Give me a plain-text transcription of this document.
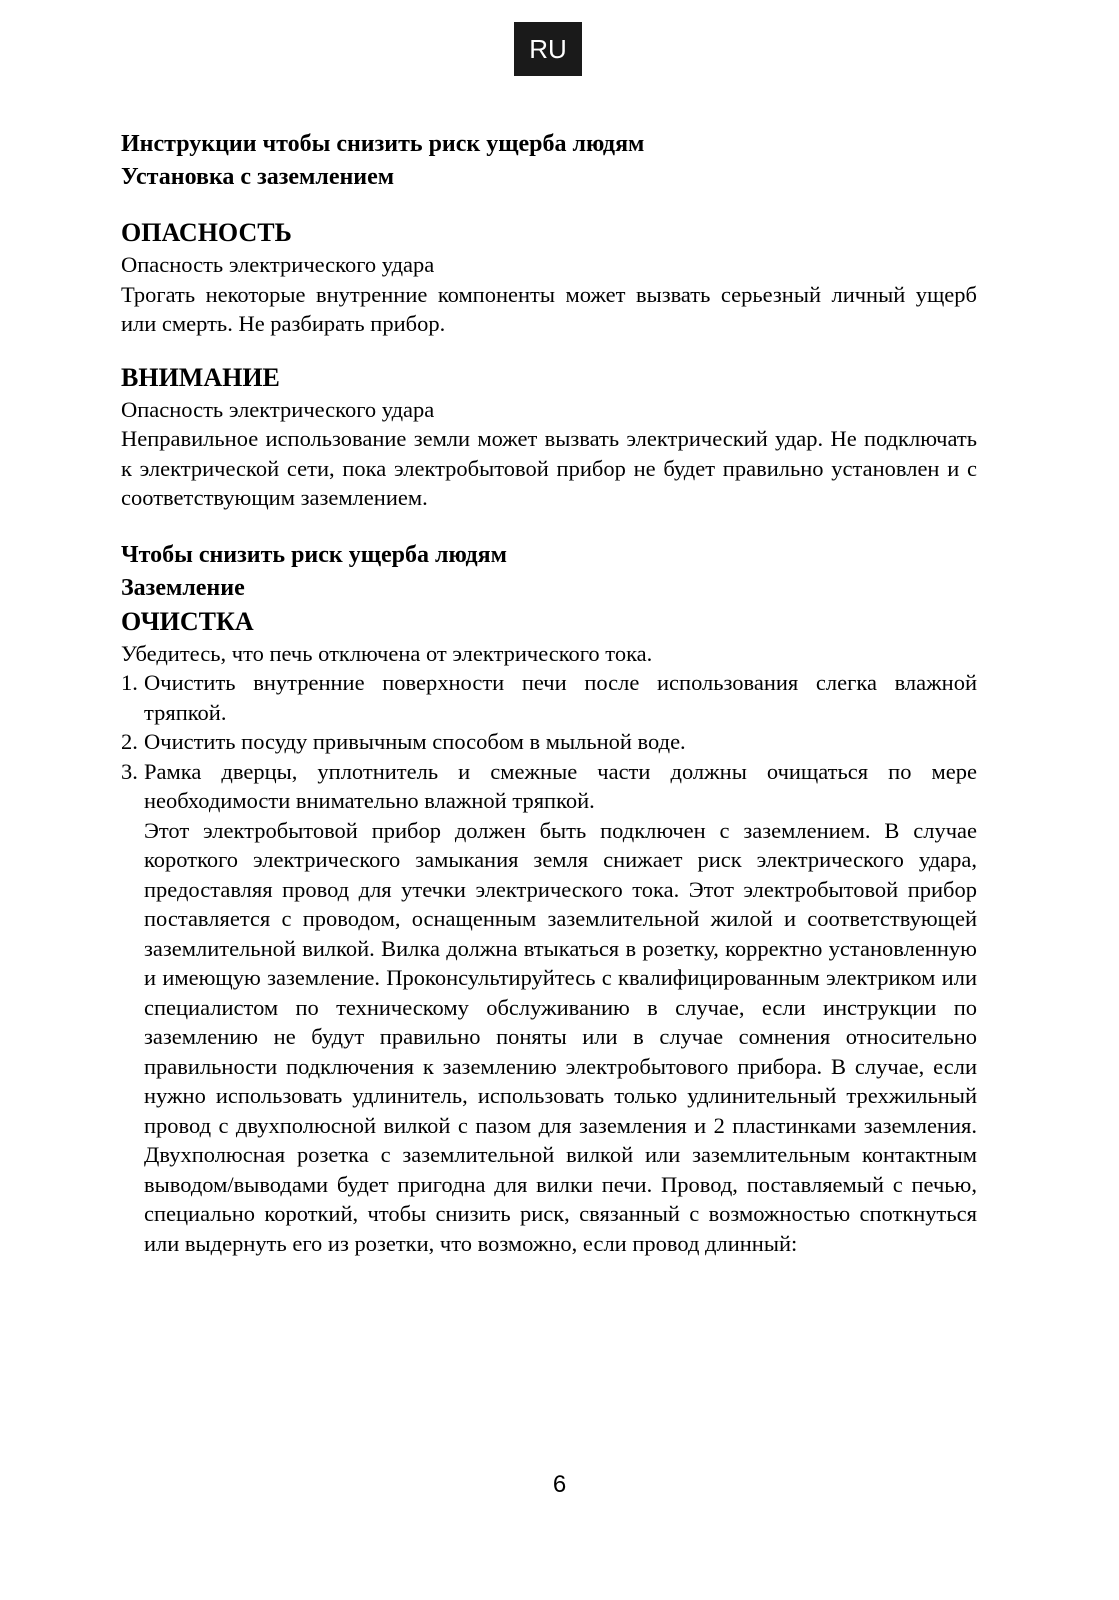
RU
Инструкции чтобы снизить риск ущерба людям
Установка с заземлением
ОПАСНОСТЬ

Опасность электрического удара

Трогать некоторые внутренние компоненты может вызвать серьезный личный ущерб или смерть. Не разбирать прибор.

ВНИМАНИЕ

Опасность электрического удара

Неправильное использование земли может вызвать электрический удар. Не подключать к электрической сети, пока электробытовой прибор не будет правильно установлен и с соответствующим заземлением.

Чтобы снизить риск ущерба людям
Заземление
ОЧИСТКА

Убедитесь, что печь отключена от электрического тока.

1. Очистить внутренние поверхности печи после использования слегка влажной тряпкой.
2. Очистить посуду привычным способом в мыльной воде.
3. Рамка дверцы, уплотнитель и смежные части должны очищаться по мере необходимости внимательно влажной тряпкой.
Этот электробытовой прибор должен быть подключен с заземлением. В случае короткого электрического замыкания земля снижает риск электрического удара, предоставляя провод для утечки электрического тока. Этот электробытовой прибор поставляется с проводом, оснащенным заземлительной жилой и соответствующей заземлительной вилкой. Вилка должна втыкаться в розетку, корректно установленную и имеющую заземление. Проконсультируйтесь с квалифицированным электриком или специалистом по техническому обслуживанию в случае, если инструкции по заземлению не будут правильно поняты или в случае сомнения относительно правильности подключения к заземлению электробытового прибора. В случае, если нужно использовать удлинитель, использовать только удлинительный трехжильный провод с двухполюсной вилкой с пазом для заземления и 2 пластинками заземления. Двухполюсная розетка с заземлительной вилкой или заземлительным контактным выводом/выводами будет пригодна для вилки печи. Провод, поставляемый с печью, специально короткий, чтобы снизить риск, связанный с возможностью споткнуться или выдернуть его из розетки, что возможно, если провод длинный:
6
